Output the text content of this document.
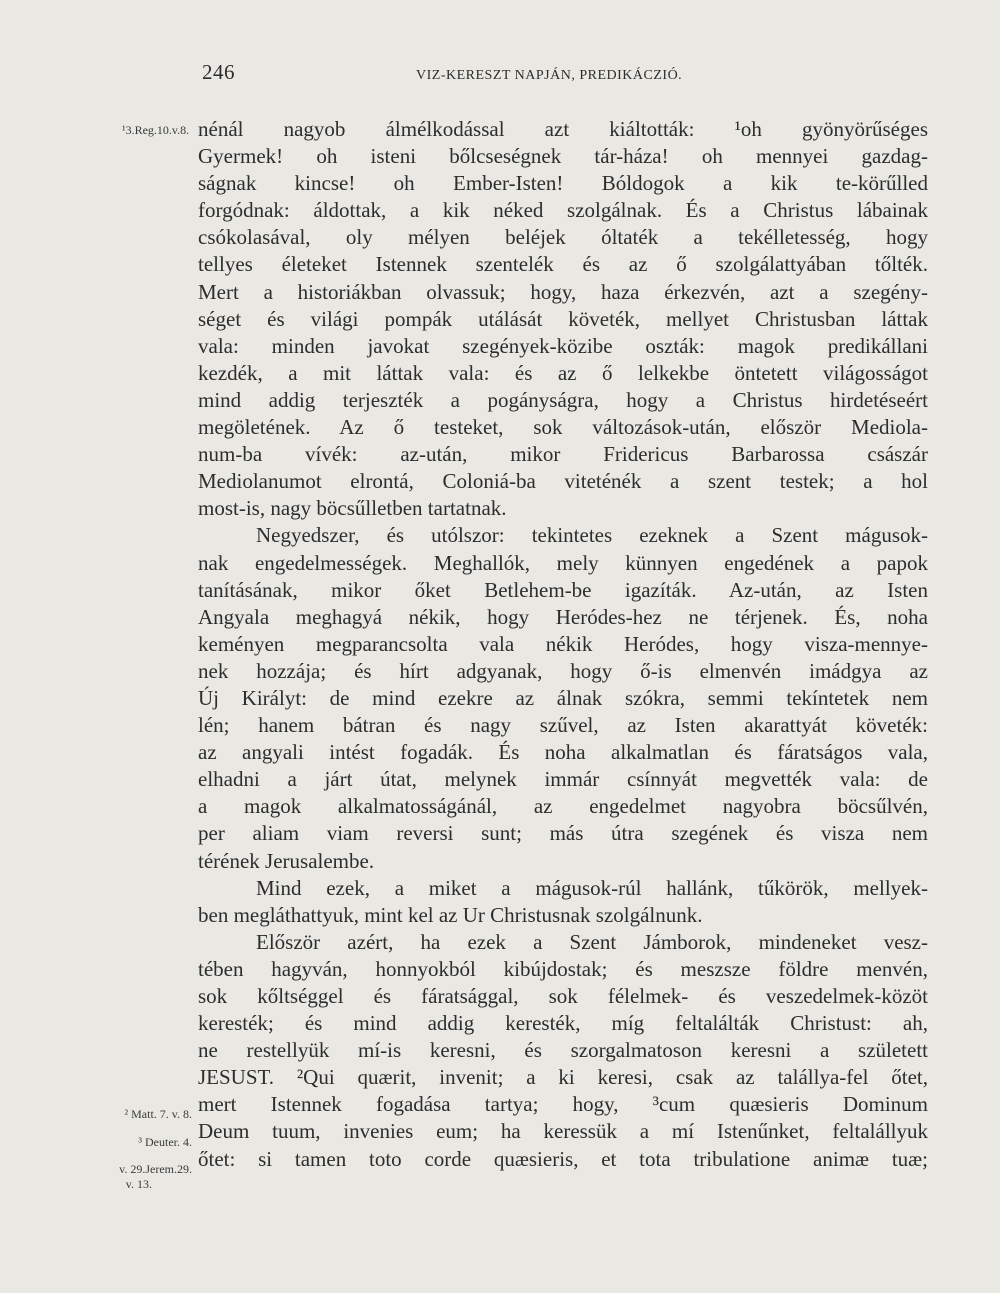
246	VIZ-KERESZT NAPJÁN, PREDIKÁCZIÓ.
¹3.Reg.10.v.8.
² Matt. 7. v. 8.
³ Deuter. 4.
v. 29.Jerem.29.
v. 13.
nénál nagyob álmélkodással azt kiáltották: ¹oh gyönyörűséges
Gyermek! oh isteni bőlcseségnek tár-háza! oh mennyei gazdag-
ságnak kincse! oh Ember-Isten! Bóldogok a kik te-körűlled
forgódnak: áldottak, a kik néked szolgálnak. És a Christus lábainak
csókolasával, oly mélyen beléjek óltaték a tekélletesség, hogy
tellyes életeket Istennek szentelék és az ő szolgálattyában tőlték.
Mert a historiákban olvassuk; hogy, haza érkezvén, azt a szegény-
séget és világi pompák utálását követék, mellyet Christusban láttak
vala: minden javokat szegények-közibe oszták: magok predikállani
kezdék, a mit láttak vala: és az ő lelkekbe öntetett világosságot
mind addig terjeszték a pogányságra, hogy a Christus hirdetéseért
megöletének. Az ő testeket, sok változások-után, először Mediola-
num-ba vívék: az-után, mikor Fridericus Barbarossa császár
Mediolanumot elrontá, Coloniá-ba viteténék a szent testek; a hol
most-is, nagy böcsűlletben tartatnak.
Negyedszer, és utólszor: tekintetes ezeknek a Szent mágusok-
nak engedelmességek. Meghallók, mely künnyen engedének a papok
tanításának, mikor őket Betlehem-be igazíták. Az-után, az Isten
Angyala meghagyá nékik, hogy Heródes-hez ne térjenek. És, noha
keményen megparancsolta vala nékik Heródes, hogy visza-mennye-
nek hozzája; és hírt adgyanak, hogy ő-is elmenvén imádgya az
Új Királyt: de mind ezekre az álnak szókra, semmi tekíntetek nem
lén; hanem bátran és nagy szűvel, az Isten akarattyát követék:
az angyali intést fogadák. És noha alkalmatlan és fáratságos vala,
elhadni a járt útat, melynek immár csínnyát megvették vala: de
a magok alkalmatosságánál, az engedelmet nagyobra böcsűlvén,
per aliam viam reversi sunt; más útra szegének és visza nem
térének Jerusalembe.
Mind ezek, a miket a mágusok-rúl hallánk, tűkörök, mellyek-
ben megláthattyuk, mint kel az Ur Christusnak szolgálnunk.
Először azért, ha ezek a Szent Jámborok, mindeneket vesz-
tében hagyván, honnyokból kibújdostak; és meszsze földre menvén,
sok kőltséggel és fáratsággal, sok félelmek- és veszedelmek-közöt
keresték; és mind addig keresték, míg feltalálták Christust: ah,
ne restellyük mí-is keresni, és szorgalmatoson keresni a született
JESUST. ²Qui quærit, invenit; a ki keresi, csak az talállya-fel őtet,
mert Istennek fogadása tartya; hogy, ³cum quæsieris Dominum
Deum tuum, invenies eum; ha keressük a mí Istenűnket, feltalállyuk
őtet: si tamen toto corde quæsieris, et tota tribulatione animæ tuæ;
